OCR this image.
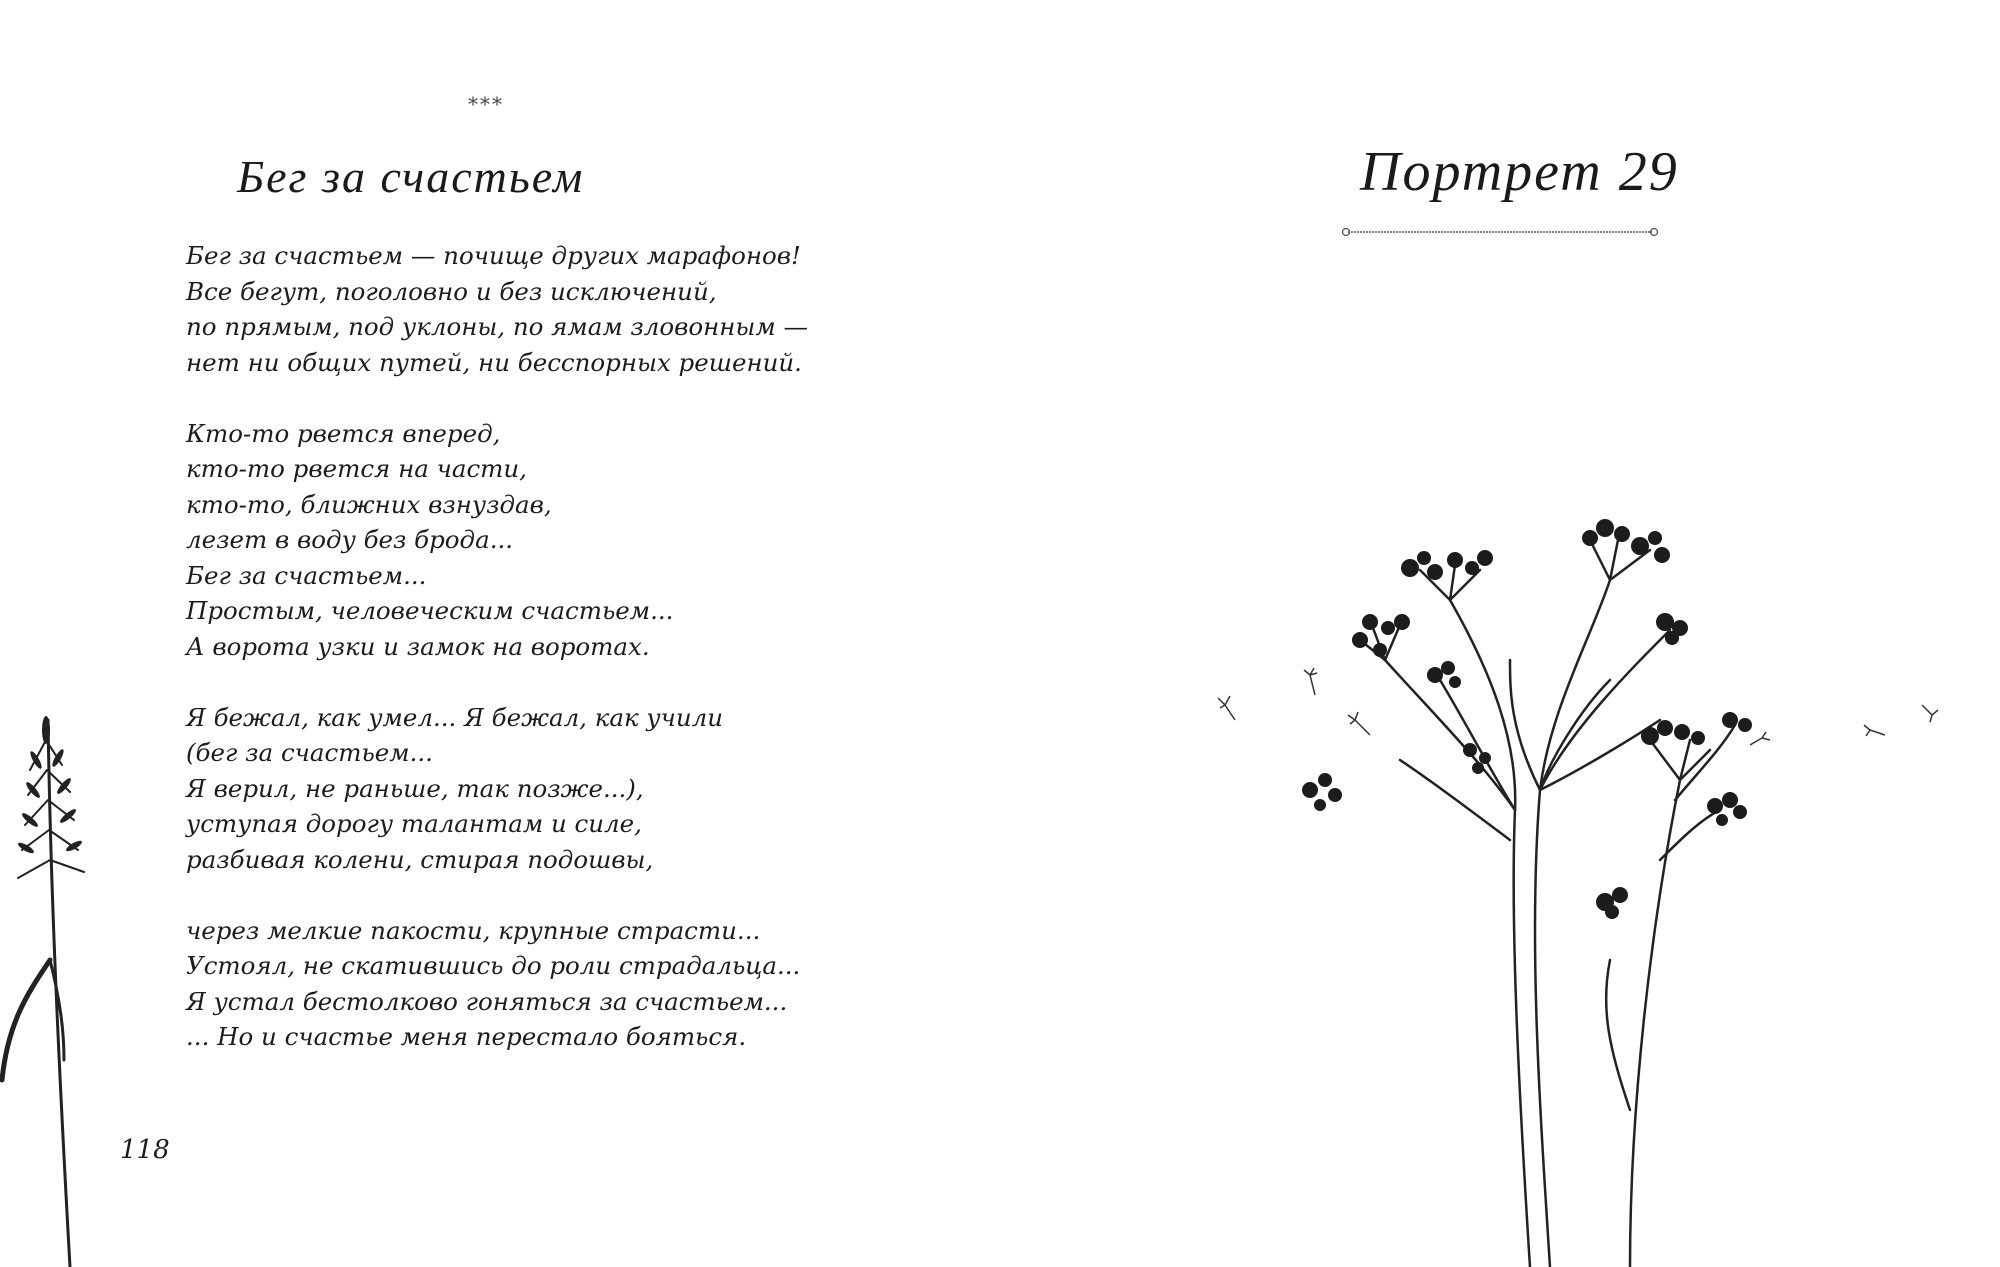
***
Бег за счастьем
Бег за счастьем — почище других марафонов!
Все бегут, поголовно и без исключений,
по прямым, под уклоны, по ямам зловонным —
нет ни общих путей, ни бесспорных решений.
Кто-то рвется вперед,
кто-то рвется на части,
кто-то, ближних взнуздав,
лезет в воду без брода...
Бег за счастьем...
Простым, человеческим счастьем...
А ворота узки и замок на воротах.
Я бежал, как умел... Я бежал, как учили
(бег за счастьем...
Я верил, не раньше, так позже...),
уступая дорогу талантам и силе,
разбивая колени, стирая подошвы,
через мелкие пакости, крупные страсти...
Устоял, не скатившись до роли страдальца...
Я устал бестолково гоняться за счастьем...
... Но и счастье меня перестало бояться.
118
Портрет 29
